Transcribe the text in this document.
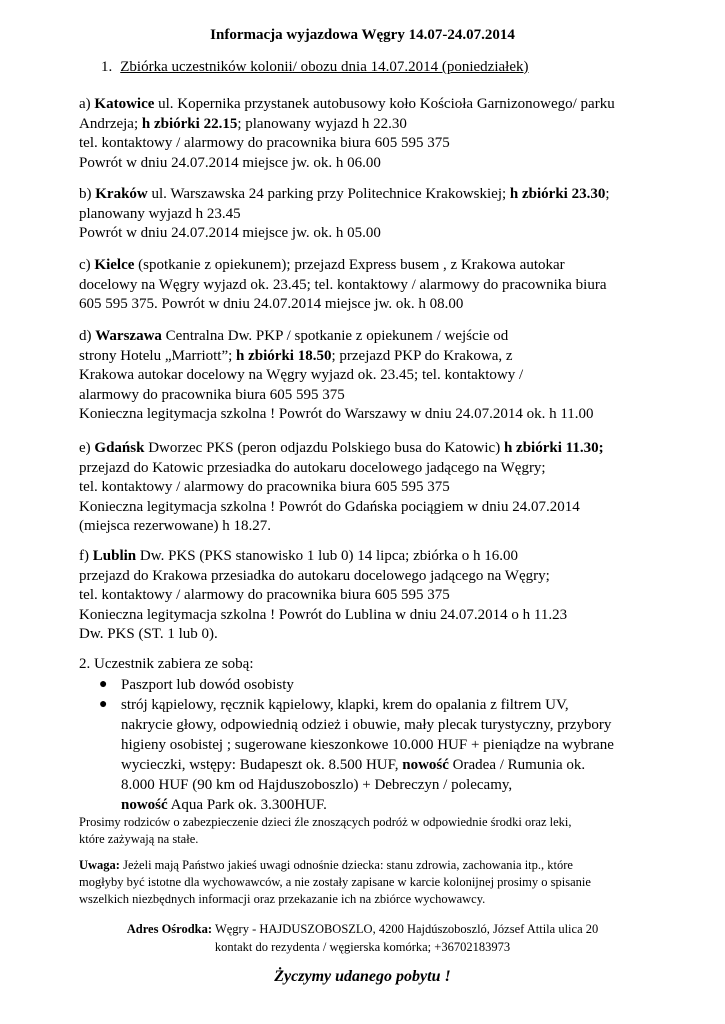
Informacja wyjazdowa Węgry 14.07-24.07.2014
1. Zbiórka uczestników kolonii/ obozu dnia 14.07.2014 (poniedziałek)
a) Katowice ul. Kopernika przystanek autobusowy koło Kościoła Garnizonowego/ parku
Andrzeja; h zbiórki 22.15; planowany wyjazd h 22.30
tel. kontaktowy / alarmowy do pracownika biura 605 595 375
Powrót w dniu 24.07.2014 miejsce jw. ok. h 06.00
b) Kraków ul. Warszawska 24 parking przy Politechnice Krakowskiej; h zbiórki 23.30;
planowany wyjazd h 23.45
Powrót w dniu 24.07.2014 miejsce jw. ok. h 05.00
c) Kielce (spotkanie z opiekunem); przejazd Express busem , z Krakowa autokar
docelowy na Węgry wyjazd ok. 23.45; tel. kontaktowy / alarmowy do pracownika biura
605 595 375. Powrót w dniu 24.07.2014 miejsce jw. ok. h 08.00
d) Warszawa Centralna Dw. PKP / spotkanie z opiekunem / wejście od
strony Hotelu „Marriott”; h zbiórki 18.50; przejazd PKP do Krakowa, z
Krakowa autokar docelowy na Węgry wyjazd ok. 23.45; tel. kontaktowy /
alarmowy do pracownika biura 605 595 375
Konieczna legitymacja szkolna ! Powrót do Warszawy w dniu 24.07.2014 ok. h 11.00
e) Gdańsk Dworzec PKS (peron odjazdu Polskiego busa do Katowic) h zbiórki 11.30;
przejazd do Katowic przesiadka do autokaru docelowego jadącego na Węgry;
tel. kontaktowy / alarmowy do pracownika biura 605 595 375
Konieczna legitymacja szkolna ! Powrót do Gdańska pociągiem w dniu 24.07.2014
(miejsca rezerwowane) h 18.27.
f) Lublin Dw. PKS (PKS stanowisko 1 lub 0) 14 lipca; zbiórka o h 16.00
przejazd do Krakowa przesiadka do autokaru docelowego jadącego na Węgry;
tel. kontaktowy / alarmowy do pracownika biura 605 595 375
Konieczna legitymacja szkolna ! Powrót do Lublina w dniu 24.07.2014 o h 11.23
Dw. PKS (ST. 1 lub 0).
2. Uczestnik zabiera ze sobą:
● Paszport lub dowód osobisty
● strój kąpielowy, ręcznik kąpielowy, klapki, krem do opalania z filtrem UV,
nakrycie głowy, odpowiednią odzież i obuwie, mały plecak turystyczny, przybory
higieny osobistej ; sugerowane kieszonkowe 10.000 HUF + pieniądze na wybrane
wycieczki, wstępy: Budapeszt ok. 8.500 HUF, nowość Oradea / Rumunia ok.
8.000 HUF (90 km od Hajduszoboszlo) + Debreczyn / polecamy,
nowość Aqua Park ok. 3.300HUF.
Prosimy rodziców o zabezpieczenie dzieci źle znoszących podróż w odpowiednie środki oraz leki,
które zażywają na stałe.
Uwaga: Jeżeli mają Państwo jakieś uwagi odnośnie dziecka: stanu zdrowia, zachowania itp., które
mogłyby być istotne dla wychowawców, a nie zostały zapisane w karcie kolonijnej prosimy o spisanie
wszelkich niezbędnych informacji oraz przekazanie ich na zbiórce wychowawcy.
Adres Ośrodka: Węgry - HAJDUSZOBOSZLO, 4200 Hajdúszoboszló, József Attila ulica 20
kontakt do rezydenta / węgierska komórka; +36702183973
Życzymy udanego pobytu !
